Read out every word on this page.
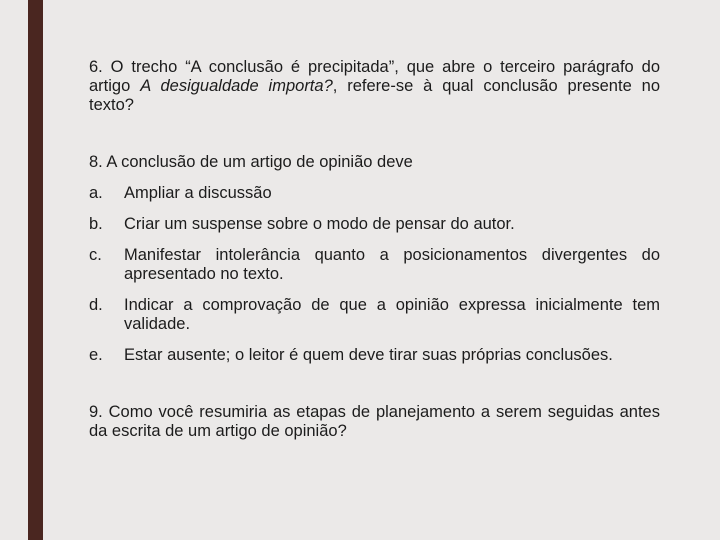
6. O trecho “A conclusão é precipitada”, que abre o terceiro parágrafo do artigo A desigualdade importa?, refere-se à qual conclusão presente no texto?

8. A conclusão de um artigo de opinião deve

a.	Ampliar a discussão
b.	Criar um suspense sobre o modo de pensar do autor.
c.	Manifestar intolerância quanto a posicionamentos divergentes do apresentado no texto.
d.	Indicar a comprovação de que a opinião expressa inicialmente tem validade.
e.	Estar ausente; o leitor é quem deve tirar suas próprias conclusões.

9. Como você resumiria as etapas de planejamento a serem seguidas antes da escrita de um artigo de opinião?
